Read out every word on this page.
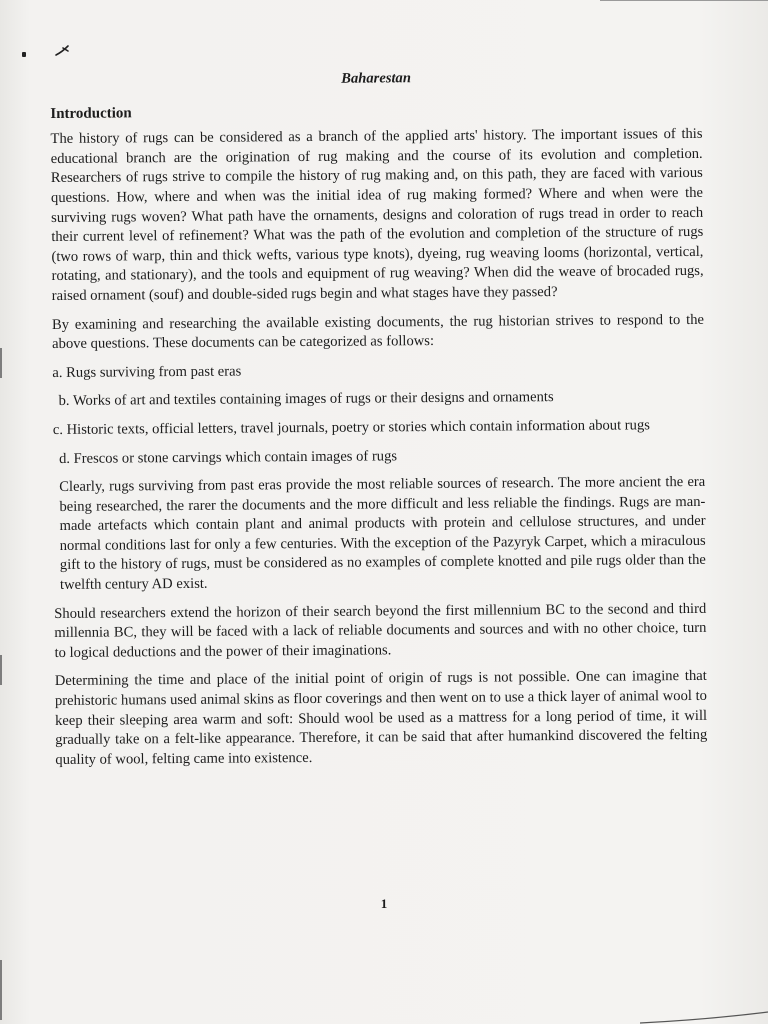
Baharestan
Introduction

The history of rugs can be considered as a branch of the applied arts' history. The important issues of this educational branch are the origination of rug making and the course of its evolution and completion. Researchers of rugs strive to compile the history of rug making and, on this path, they are faced with various questions. How, where and when was the initial idea of rug making formed? Where and when were the surviving rugs woven? What path have the ornaments, designs and coloration of rugs tread in order to reach their current level of refinement? What was the path of the evolution and completion of the structure of rugs (two rows of warp, thin and thick wefts, various type knots), dyeing, rug weaving looms (horizontal, vertical, rotating, and stationary), and the tools and equipment of rug weaving? When did the weave of brocaded rugs, raised ornament (souf) and double-sided rugs begin and what stages have they passed?

By examining and researching the available existing documents, the rug historian strives to respond to the above questions. These documents can be categorized as follows:

a. Rugs surviving from past eras

b. Works of art and textiles containing images of rugs or their designs and ornaments

c. Historic texts, official letters, travel journals, poetry or stories which contain information about rugs

d. Frescos or stone carvings which contain images of rugs

Clearly, rugs surviving from past eras provide the most reliable sources of research. The more ancient the era being researched, the rarer the documents and the more difficult and less reliable the findings. Rugs are man-made artefacts which contain plant and animal products with protein and cellulose structures, and under normal conditions last for only a few centuries. With the exception of the Pazyryk Carpet, which a miraculous gift to the history of rugs, must be considered as no examples of complete knotted and pile rugs older than the twelfth century AD exist.

Should researchers extend the horizon of their search beyond the first millennium BC to the second and third millennia BC, they will be faced with a lack of reliable documents and sources and with no other choice, turn to logical deductions and the power of their imaginations.

Determining the time and place of the initial point of origin of rugs is not possible. One can imagine that prehistoric humans used animal skins as floor coverings and then went on to use a thick layer of animal wool to keep their sleeping area warm and soft: Should wool be used as a mattress for a long period of time, it will gradually take on a felt-like appearance. Therefore, it can be said that after humankind discovered the felting quality of wool, felting came into existence.

1
